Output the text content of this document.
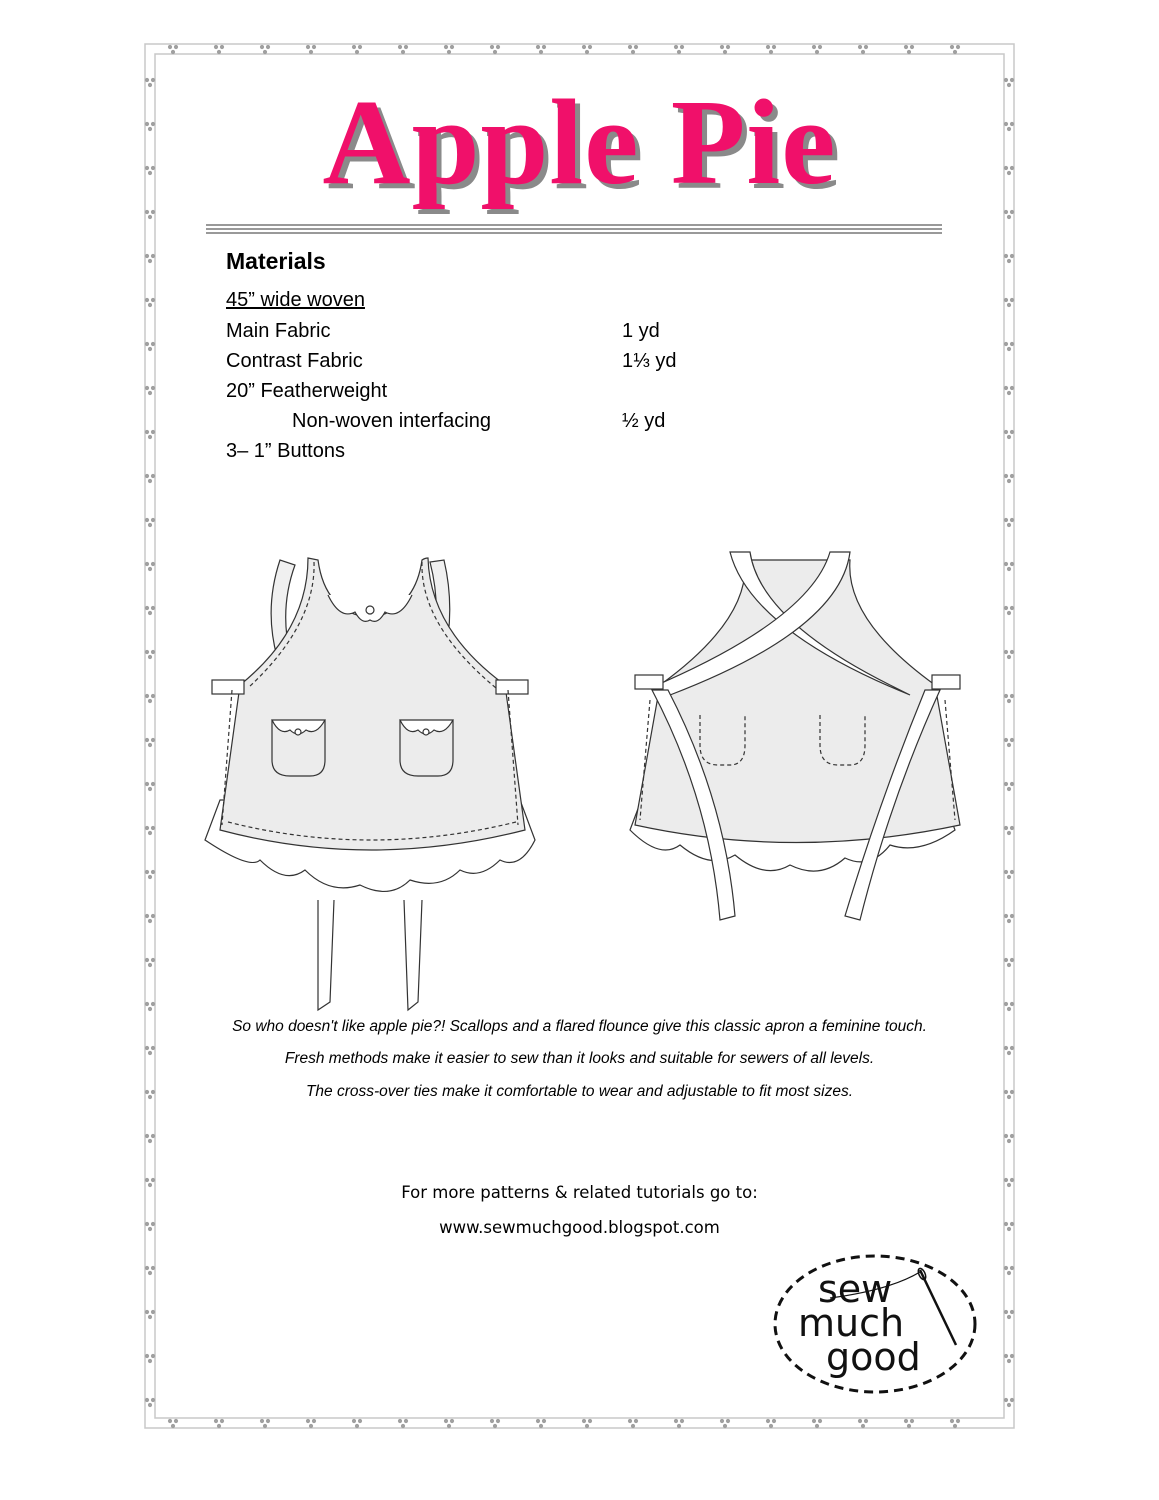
Apple Pie
Materials
45” wide woven
Main Fabric	1 yd
Contrast Fabric	1⅓ yd
20” Featherweight
Non-woven interfacing	½ yd
3– 1” Buttons
So who doesn't like apple pie?! Scallops and a flared flounce give this classic apron a feminine touch.
Fresh methods make it easier to sew than it looks and suitable for sewers of all levels.
The cross-over ties make it comfortable to wear and adjustable to fit most sizes.
For more patterns & related tutorials go to:
www.sewmuchgood.blogspot.com
sew
much
good
